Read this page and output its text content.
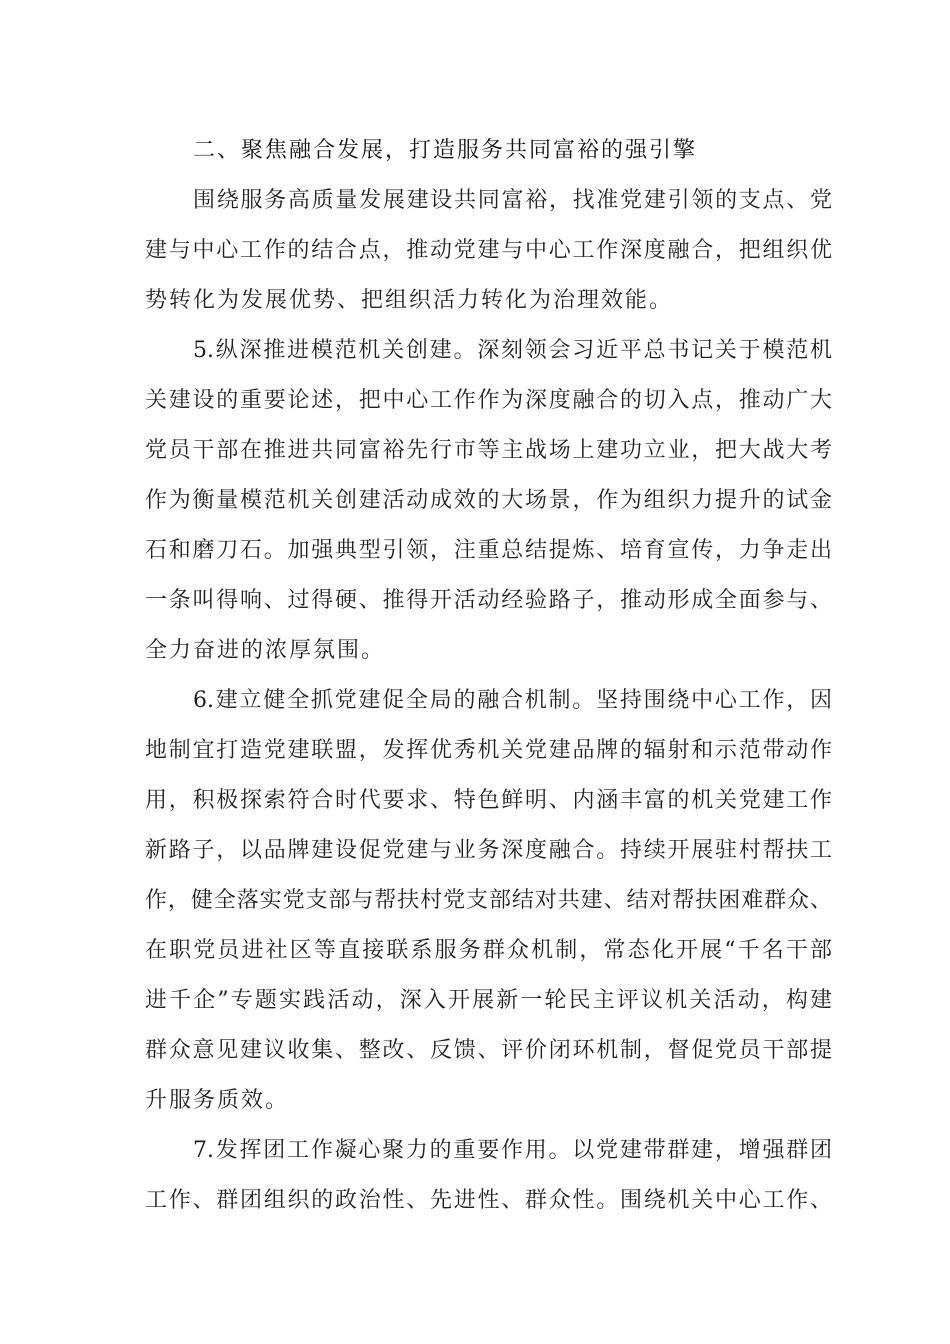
二、聚焦融合发展，打造服务共同富裕的强引擎

围绕服务高质量发展建设共同富裕，找准党建引领的支点、党

建与中心工作的结合点，推动党建与中心工作深度融合，把组织优

势转化为发展优势、把组织活力转化为治理效能。

5.纵深推进模范机关创建。深刻领会习近平总书记关于模范机

关建设的重要论述，把中心工作作为深度融合的切入点，推动广大

党员干部在推进共同富裕先行市等主战场上建功立业，把大战大考

作为衡量模范机关创建活动成效的大场景，作为组织力提升的试金

石和磨刀石。加强典型引领，注重总结提炼、培育宣传，力争走出

一条叫得响、过得硬、推得开活动经验路子，推动形成全面参与、

全力奋进的浓厚氛围。

6.建立健全抓党建促全局的融合机制。坚持围绕中心工作，因

地制宜打造党建联盟，发挥优秀机关党建品牌的辐射和示范带动作

用，积极探索符合时代要求、特色鲜明、内涵丰富的机关党建工作

新路子，以品牌建设促党建与业务深度融合。持续开展驻村帮扶工

作，健全落实党支部与帮扶村党支部结对共建、结对帮扶困难群众、

在职党员进社区等直接联系服务群众机制，常态化开展“千名干部

进千企”专题实践活动，深入开展新一轮民主评议机关活动，构建

群众意见建议收集、整改、反馈、评价闭环机制，督促党员干部提

升服务质效。

7.发挥团工作凝心聚力的重要作用。以党建带群建，增强群团

工作、群团组织的政治性、先进性、群众性。围绕机关中心工作、
